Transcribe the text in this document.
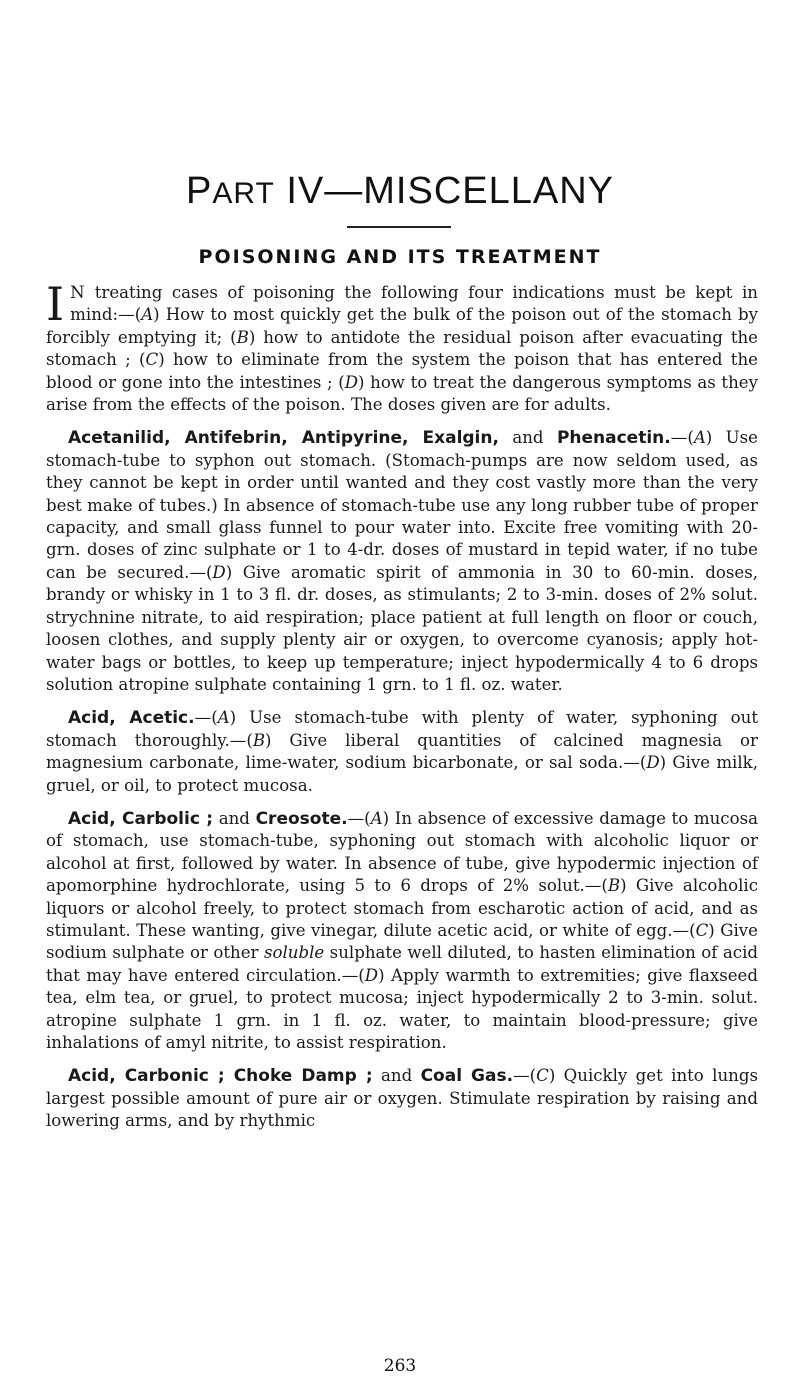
PART IV—MISCELLANY
POISONING AND ITS TREATMENT

I N treating cases of poisoning the following four indications must be kept in mind:—(A) How to most quickly get the bulk of the poison out of the stomach by forcibly emptying it; (B) how to antidote the residual poison after evacuating the stomach ; (C) how to eliminate from the system the poison that has entered the blood or gone into the intestines ; (D) how to treat the dangerous symptoms as they arise from the effects of the poison. The doses given are for adults.

Acetanilid, Antifebrin, Antipyrine, Exalgin, and Phenacetin.—(A) Use stomach-tube to syphon out stomach. (Stomach-pumps are now seldom used, as they cannot be kept in order until wanted and they cost vastly more than the very best make of tubes.) In absence of stomach-tube use any long rubber tube of proper capacity, and small glass funnel to pour water into. Excite free vomiting with 20-grn. doses of zinc sulphate or 1 to 4-dr. doses of mustard in tepid water, if no tube can be secured.—(D) Give aromatic spirit of ammonia in 30 to 60-min. doses, brandy or whisky in 1 to 3 fl. dr. doses, as stimulants; 2 to 3-min. doses of 2% solut. strychnine nitrate, to aid respiration; place patient at full length on floor or couch, loosen clothes, and supply plenty air or oxygen, to overcome cyanosis; apply hot-water bags or bottles, to keep up temperature; inject hypodermically 4 to 6 drops solution atropine sulphate containing 1 grn. to 1 fl. oz. water.

Acid, Acetic.—(A) Use stomach-tube with plenty of water, syphoning out stomach thoroughly.—(B) Give liberal quantities of calcined magnesia or magnesium carbonate, lime-water, sodium bicarbonate, or sal soda.—(D) Give milk, gruel, or oil, to protect mucosa.

Acid, Carbolic ; and Creosote.—(A) In absence of excessive damage to mucosa of stomach, use stomach-tube, syphoning out stomach with alcoholic liquor or alcohol at first, followed by water. In absence of tube, give hypodermic injection of apomorphine hydrochlorate, using 5 to 6 drops of 2% solut.—(B) Give alcoholic liquors or alcohol freely, to protect stomach from escharotic action of acid, and as stimulant. These wanting, give vinegar, dilute acetic acid, or white of egg.—(C) Give sodium sulphate or other soluble sulphate well diluted, to hasten elimination of acid that may have entered circulation.—(D) Apply warmth to extremities; give flaxseed tea, elm tea, or gruel, to protect mucosa; inject hypodermically 2 to 3-min. solut. atropine sulphate 1 grn. in 1 fl. oz. water, to maintain blood-pressure; give inhalations of amyl nitrite, to assist respiration.

Acid, Carbonic ; Choke Damp ; and Coal Gas.—(C) Quickly get into lungs largest possible amount of pure air or oxygen. Stimulate respiration by raising and lowering arms, and by rhythmic

263
